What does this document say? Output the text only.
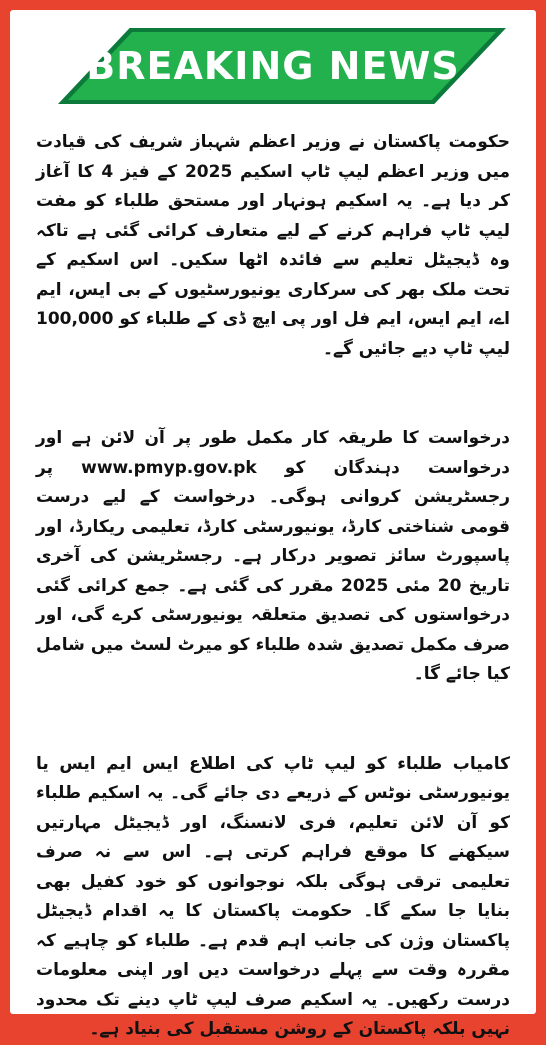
BREAKING NEWS

حکومت پاکستان نے وزیر اعظم شہباز شریف کی قیادت میں وزیر اعظم لیپ ٹاپ اسکیم 2025 کے فیز 4 کا آغاز کر دیا ہے۔ یہ اسکیم ہونہار اور مستحق طلباء کو مفت لیپ ٹاپ فراہم کرنے کے لیے متعارف کرائی گئی ہے تاکہ وہ ڈیجیٹل تعلیم سے فائدہ اٹھا سکیں۔ اس اسکیم کے تحت ملک بھر کی سرکاری یونیورسٹیوں کے بی ایس، ایم اے، ایم ایس، ایم فل اور پی ایچ ڈی کے طلباء کو 100,000 لیپ ٹاپ دیے جائیں گے۔

درخواست کا طریقہ کار مکمل طور پر آن لائن ہے اور درخواست دہندگان کو www.pmyp.gov.pk پر رجسٹریشن کروانی ہوگی۔ درخواست کے لیے درست قومی شناختی کارڈ، یونیورسٹی کارڈ، تعلیمی ریکارڈ، اور پاسپورٹ سائز تصویر درکار ہے۔ رجسٹریشن کی آخری تاریخ 20 مئی 2025 مقرر کی گئی ہے۔ جمع کرائی گئی درخواستوں کی تصدیق متعلقہ یونیورسٹی کرے گی، اور صرف مکمل تصدیق شدہ طلباء کو میرٹ لسٹ میں شامل کیا جائے گا۔

کامیاب طلباء کو لیپ ٹاپ کی اطلاع ایس ایم ایس یا یونیورسٹی نوٹس کے ذریعے دی جائے گی۔ یہ اسکیم طلباء کو آن لائن تعلیم، فری لانسنگ، اور ڈیجیٹل مہارتیں سیکھنے کا موقع فراہم کرتی ہے۔ اس سے نہ صرف تعلیمی ترقی ہوگی بلکہ نوجوانوں کو خود کفیل بھی بنایا جا سکے گا۔ حکومت پاکستان کا یہ اقدام ڈیجیٹل پاکستان وژن کی جانب اہم قدم ہے۔ طلباء کو چاہیے کہ مقررہ وقت سے پہلے درخواست دیں اور اپنی معلومات درست رکھیں۔ یہ اسکیم صرف لیپ ٹاپ دینے تک محدود نہیں بلکہ پاکستان کے روشن مستقبل کی بنیاد ہے۔
